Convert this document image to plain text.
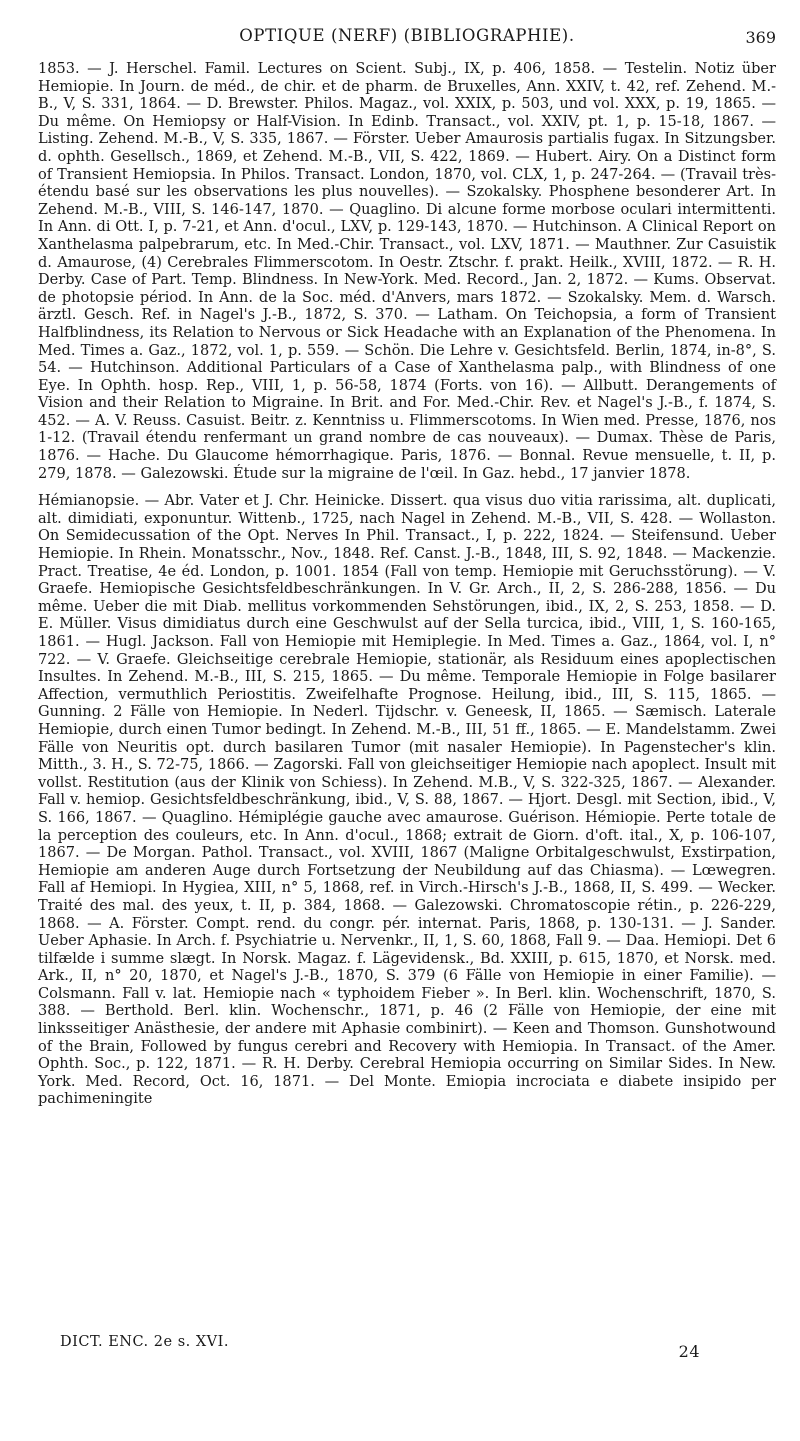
OPTIQUE (NERF) (BIBLIOGRAPHIE).	369

1853. — J. Herschel. Famil. Lectures on Scient. Subj., IX, p. 406, 1858. — Testelin. Notiz über Hemiopie. In Journ. de méd., de chir. et de pharm. de Bruxelles, Ann. XXIV, t. 42, ref. Zehend. M.-B., V, S. 331, 1864. — D. Brewster. Philos. Magaz., vol. XXIX, p. 503, und vol. XXX, p. 19, 1865. — Du même. On Hemiopsy or Half-Vision. In Edinb. Transact., vol. XXIV, pt. 1, p. 15-18, 1867. — Listing. Zehend. M.-B., V, S. 335, 1867. — Förster. Ueber Amaurosis partialis fugax. In Sitzungsber. d. ophth. Gesellsch., 1869, et Zehend. M.-B., VII, S. 422, 1869. — Hubert. Airy. On a Distinct form of Transient Hemiopsia. In Philos. Transact. London, 1870, vol. CLX, 1, p. 247-264. — (Travail très-étendu basé sur les observations les plus nouvelles). — Szokalsky. Phosphene besonderer Art. In Zehend. M.-B., VIII, S. 146-147, 1870. — Quaglino. Di alcune forme morbose oculari intermittenti. In Ann. di Ott. I, p. 7-21, et Ann. d'ocul., LXV, p. 129-143, 1870. — Hutchinson. A Clinical Report on Xanthelasma palpebrarum, etc. In Med.-Chir. Transact., vol. LXV, 1871. — Mauthner. Zur Casuistik d. Amaurose, (4) Cerebrales Flimmerscotom. In Oestr. Ztschr. f. prakt. Heilk., XVIII, 1872. — R. H. Derby. Case of Part. Temp. Blindness. In New-York. Med. Record., Jan. 2, 1872. — Kums. Observat. de photopsie périod. In Ann. de la Soc. méd. d'Anvers, mars 1872. — Szokalsky. Mem. d. Warsch. ärztl. Gesch. Ref. in Nagel's J.-B., 1872, S. 370. — Latham. On Teichopsia, a form of Transient Halfblindness, its Relation to Nervous or Sick Headache with an Explanation of the Phenomena. In Med. Times a. Gaz., 1872, vol. 1, p. 559. — Schön. Die Lehre v. Gesichtsfeld. Berlin, 1874, in-8°, S. 54. — Hutchinson. Additional Particulars of a Case of Xanthelasma palp., with Blindness of one Eye. In Ophth. hosp. Rep., VIII, 1, p. 56-58, 1874 (Forts. von 16). — Allbutt. Derangements of Vision and their Relation to Migraine. In Brit. and For. Med.-Chir. Rev. et Nagel's J.-B., f. 1874, S. 452. — A. V. Reuss. Casuist. Beitr. z. Kenntniss u. Flimmerscotoms. In Wien med. Presse, 1876, nos 1-12. (Travail étendu renfermant un grand nombre de cas nouveaux). — Dumax. Thèse de Paris, 1876. — Hache. Du Glaucome hémorrhagique. Paris, 1876. — Bonnal. Revue mensuelle, t. II, p. 279, 1878. — Galezowski. Étude sur la migraine de l'œil. In Gaz. hebd., 17 janvier 1878.

Hémianopsie. — Abr. Vater et J. Chr. Heinicke. Dissert. qua visus duo vitia rarissima, alt. duplicati, alt. dimidiati, exponuntur. Wittenb., 1725, nach Nagel in Zehend. M.-B., VII, S. 428. — Wollaston. On Semidecussation of the Opt. Nerves In Phil. Transact., I, p. 222, 1824. — Steifensund. Ueber Hemiopie. In Rhein. Monatsschr., Nov., 1848. Ref. Canst. J.-B., 1848, III, S. 92, 1848. — Mackenzie. Pract. Treatise, 4e éd. London, p. 1001. 1854 (Fall von temp. Hemiopie mit Geruchsstörung). — V. Graefe. Hemiopische Gesichtsfeldbeschränkungen. In V. Gr. Arch., II, 2, S. 286-288, 1856. — Du même. Ueber die mit Diab. mellitus vorkommenden Sehstörungen, ibid., IX, 2, S. 253, 1858. — D. E. Müller. Visus dimidiatus durch eine Geschwulst auf der Sella turcica, ibid., VIII, 1, S. 160-165, 1861. — Hugl. Jackson. Fall von Hemiopie mit Hemiplegie. In Med. Times a. Gaz., 1864, vol. I, n° 722. — V. Graefe. Gleichseitige cerebrale Hemiopie, stationär, als Residuum eines apoplectischen Insultes. In Zehend. M.-B., III, S. 215, 1865. — Du même. Temporale Hemiopie in Folge basilarer Affection, vermuthlich Periostitis. Zweifelhafte Prognose. Heilung, ibid., III, S. 115, 1865. — Gunning. 2 Fälle von Hemiopie. In Nederl. Tijdschr. v. Geneesk, II, 1865. — Sæmisch. Laterale Hemiopie, durch einen Tumor bedingt. In Zehend. M.-B., III, 51 ff., 1865. — E. Mandelstamm. Zwei Fälle von Neuritis opt. durch basilaren Tumor (mit nasaler Hemiopie). In Pagenstecher's klin. Mitth., 3. H., S. 72-75, 1866. — Zagorski. Fall von gleichseitiger Hemiopie nach apoplect. Insult mit vollst. Restitution (aus der Klinik von Schiess). In Zehend. M.B., V, S. 322-325, 1867. — Alexander. Fall v. hemiop. Gesichtsfeldbeschränkung, ibid., V, S. 88, 1867. — Hjort. Desgl. mit Section, ibid., V, S. 166, 1867. — Quaglino. Hémiplégie gauche avec amaurose. Guérison. Hémiopie. Perte totale de la perception des couleurs, etc. In Ann. d'ocul., 1868; extrait de Giorn. d'oft. ital., X, p. 106-107, 1867. — De Morgan. Pathol. Transact., vol. XVIII, 1867 (Maligne Orbitalgeschwulst, Exstirpation, Hemiopie am anderen Auge durch Fortsetzung der Neubildung auf das Chiasma). — Lœwegren. Fall af Hemiopi. In Hygiea, XIII, n° 5, 1868, ref. in Virch.-Hirsch's J.-B., 1868, II, S. 499. — Wecker. Traité des mal. des yeux, t. II, p. 384, 1868. — Galezowski. Chromatoscopie rétin., p. 226-229, 1868. — A. Förster. Compt. rend. du congr. pér. internat. Paris, 1868, p. 130-131. — J. Sander. Ueber Aphasie. In Arch. f. Psychiatrie u. Nervenkr., II, 1, S. 60, 1868, Fall 9. — Daa. Hemiopi. Det 6 tilfælde i summe slægt. In Norsk. Magaz. f. Lägevidensk., Bd. XXIII, p. 615, 1870, et Norsk. med. Ark., II, n° 20, 1870, et Nagel's J.-B., 1870, S. 379 (6 Fälle von Hemiopie in einer Familie). — Colsmann. Fall v. lat. Hemiopie nach « typhoidem Fieber ». In Berl. klin. Wochenschrift, 1870, S. 388. — Berthold. Berl. klin. Wochenschr., 1871, p. 46 (2 Fälle von Hemiopie, der eine mit linksseitiger Anästhesie, der andere mit Aphasie combinirt). — Keen and Thomson. Gunshotwound of the Brain, Followed by fungus cerebri and Recovery with Hemiopia. In Transact. of the Amer. Ophth. Soc., p. 122, 1871. — R. H. Derby. Cerebral Hemiopia occurring on Similar Sides. In New. York. Med. Record, Oct. 16, 1871. — Del Monte. Emiopia incrociata e diabete insipido per pachimeningite

DICT. ENC. 2e s. XVI.	24
